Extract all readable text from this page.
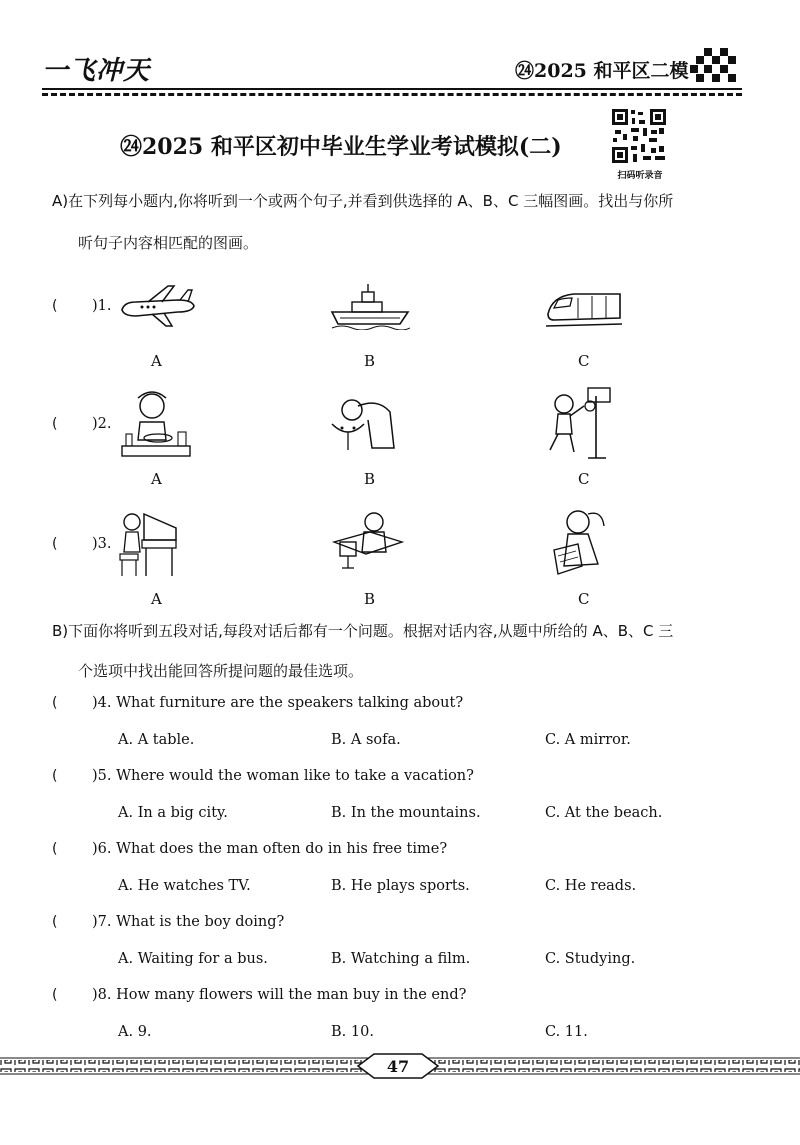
一飞冲天	㉔2025 和平区二模
㉔2025 和平区初中毕业生学业考试模拟(二)
扫码听录音
A)在下列每小题内,你将听到一个或两个句子,并看到供选择的 A、B、C 三幅图画。找出与你所
听句子内容相匹配的图画。
( )1.
A	B	C
( )2.
A	B	C
( )3.
A	B	C
B)下面你将听到五段对话,每段对话后都有一个问题。根据对话内容,从题中所给的 A、B、C 三
个选项中找出能回答所提问题的最佳选项。
( )4. What furniture are the speakers talking about?
A. A table.	B. A sofa.	C. A mirror.
( )5. Where would the woman like to take a vacation?
A. In a big city.	B. In the mountains.	C. At the beach.
( )6. What does the man often do in his free time?
A. He watches TV.	B. He plays sports.	C. He reads.
( )7. What is the boy doing?
A. Waiting for a bus.	B. Watching a film.	C. Studying.
( )8. How many flowers will the man buy in the end?
A. 9.	B. 10.	C. 11.
47
